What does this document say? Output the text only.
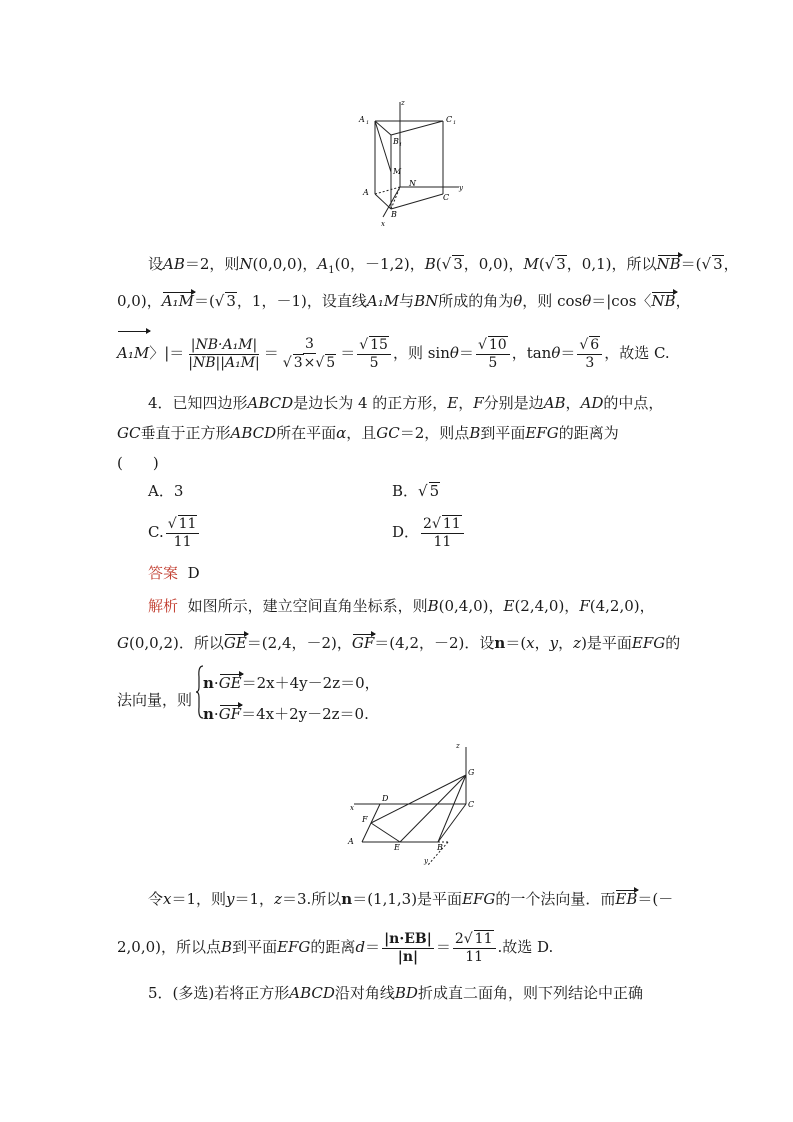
A 1	C 1
B 1
M
N
A
B
C
x
y
z
设AB＝2，则N(0,0,0)，$A_1(0$，－1,2)，B(√ 3，0,0)，M(√ 3，0,1)，所以NB＝(√ 3，
0,0)，A₁M＝(√ 3，1，－1)，设直线A₁M与BN所成的角为θ，则 cosθ＝|cos〈NB，
A₁M〉|＝ $\frac{\text{|NB·A₁M|}}{\text{|NB||A₁M|}} = \frac{3}{√ 3\times√ 5} = \frac{√ 15}{5}$ ，则 $\sin\theta= \frac{√ 10}{5}$ ，$\tan\theta= \frac{√ 6}{3}$ ，故选 C.
4．已知四边形ABCD是边长为 4 的正方形，E，F分别是边AB，AD的中点，
GC垂直于正方形ABCD所在平面α，且GC＝2，则点B到平面EFG的距离为
(　　)
A．3	B．√ 5
C. $\frac{√ 11}{11}$	D． $\frac{2√ 11}{11}$
答案 D
解析 如图所示，建立空间直角坐标系，则B(0,4,0)，E(2,4,0)，F(4,2,0)，
G(0,0,2)．所以GE＝(2,4，－2)，GF＝(4,2，－2)．设n＝(x，y，z)是平面EFG的
法向量，则
n·GE＝2x＋4y－2z＝0，
n·GF＝4x＋2y－2z＝0.
z
G
x
D
C
F
A
E	B
y
令x＝1，则y＝1，z＝3.所以n＝(1,1,3)是平面EFG的一个法向量．而EB＝(－
2,0,0)，所以点B到平面EFG的距离$d= \frac{|n\cdot EB|}{|n|} = \frac{2√ 11}{11}$ .故选 D.
5．(多选)若将正方形ABCD沿对角线BD折成直二面角，则下列结论中正确
